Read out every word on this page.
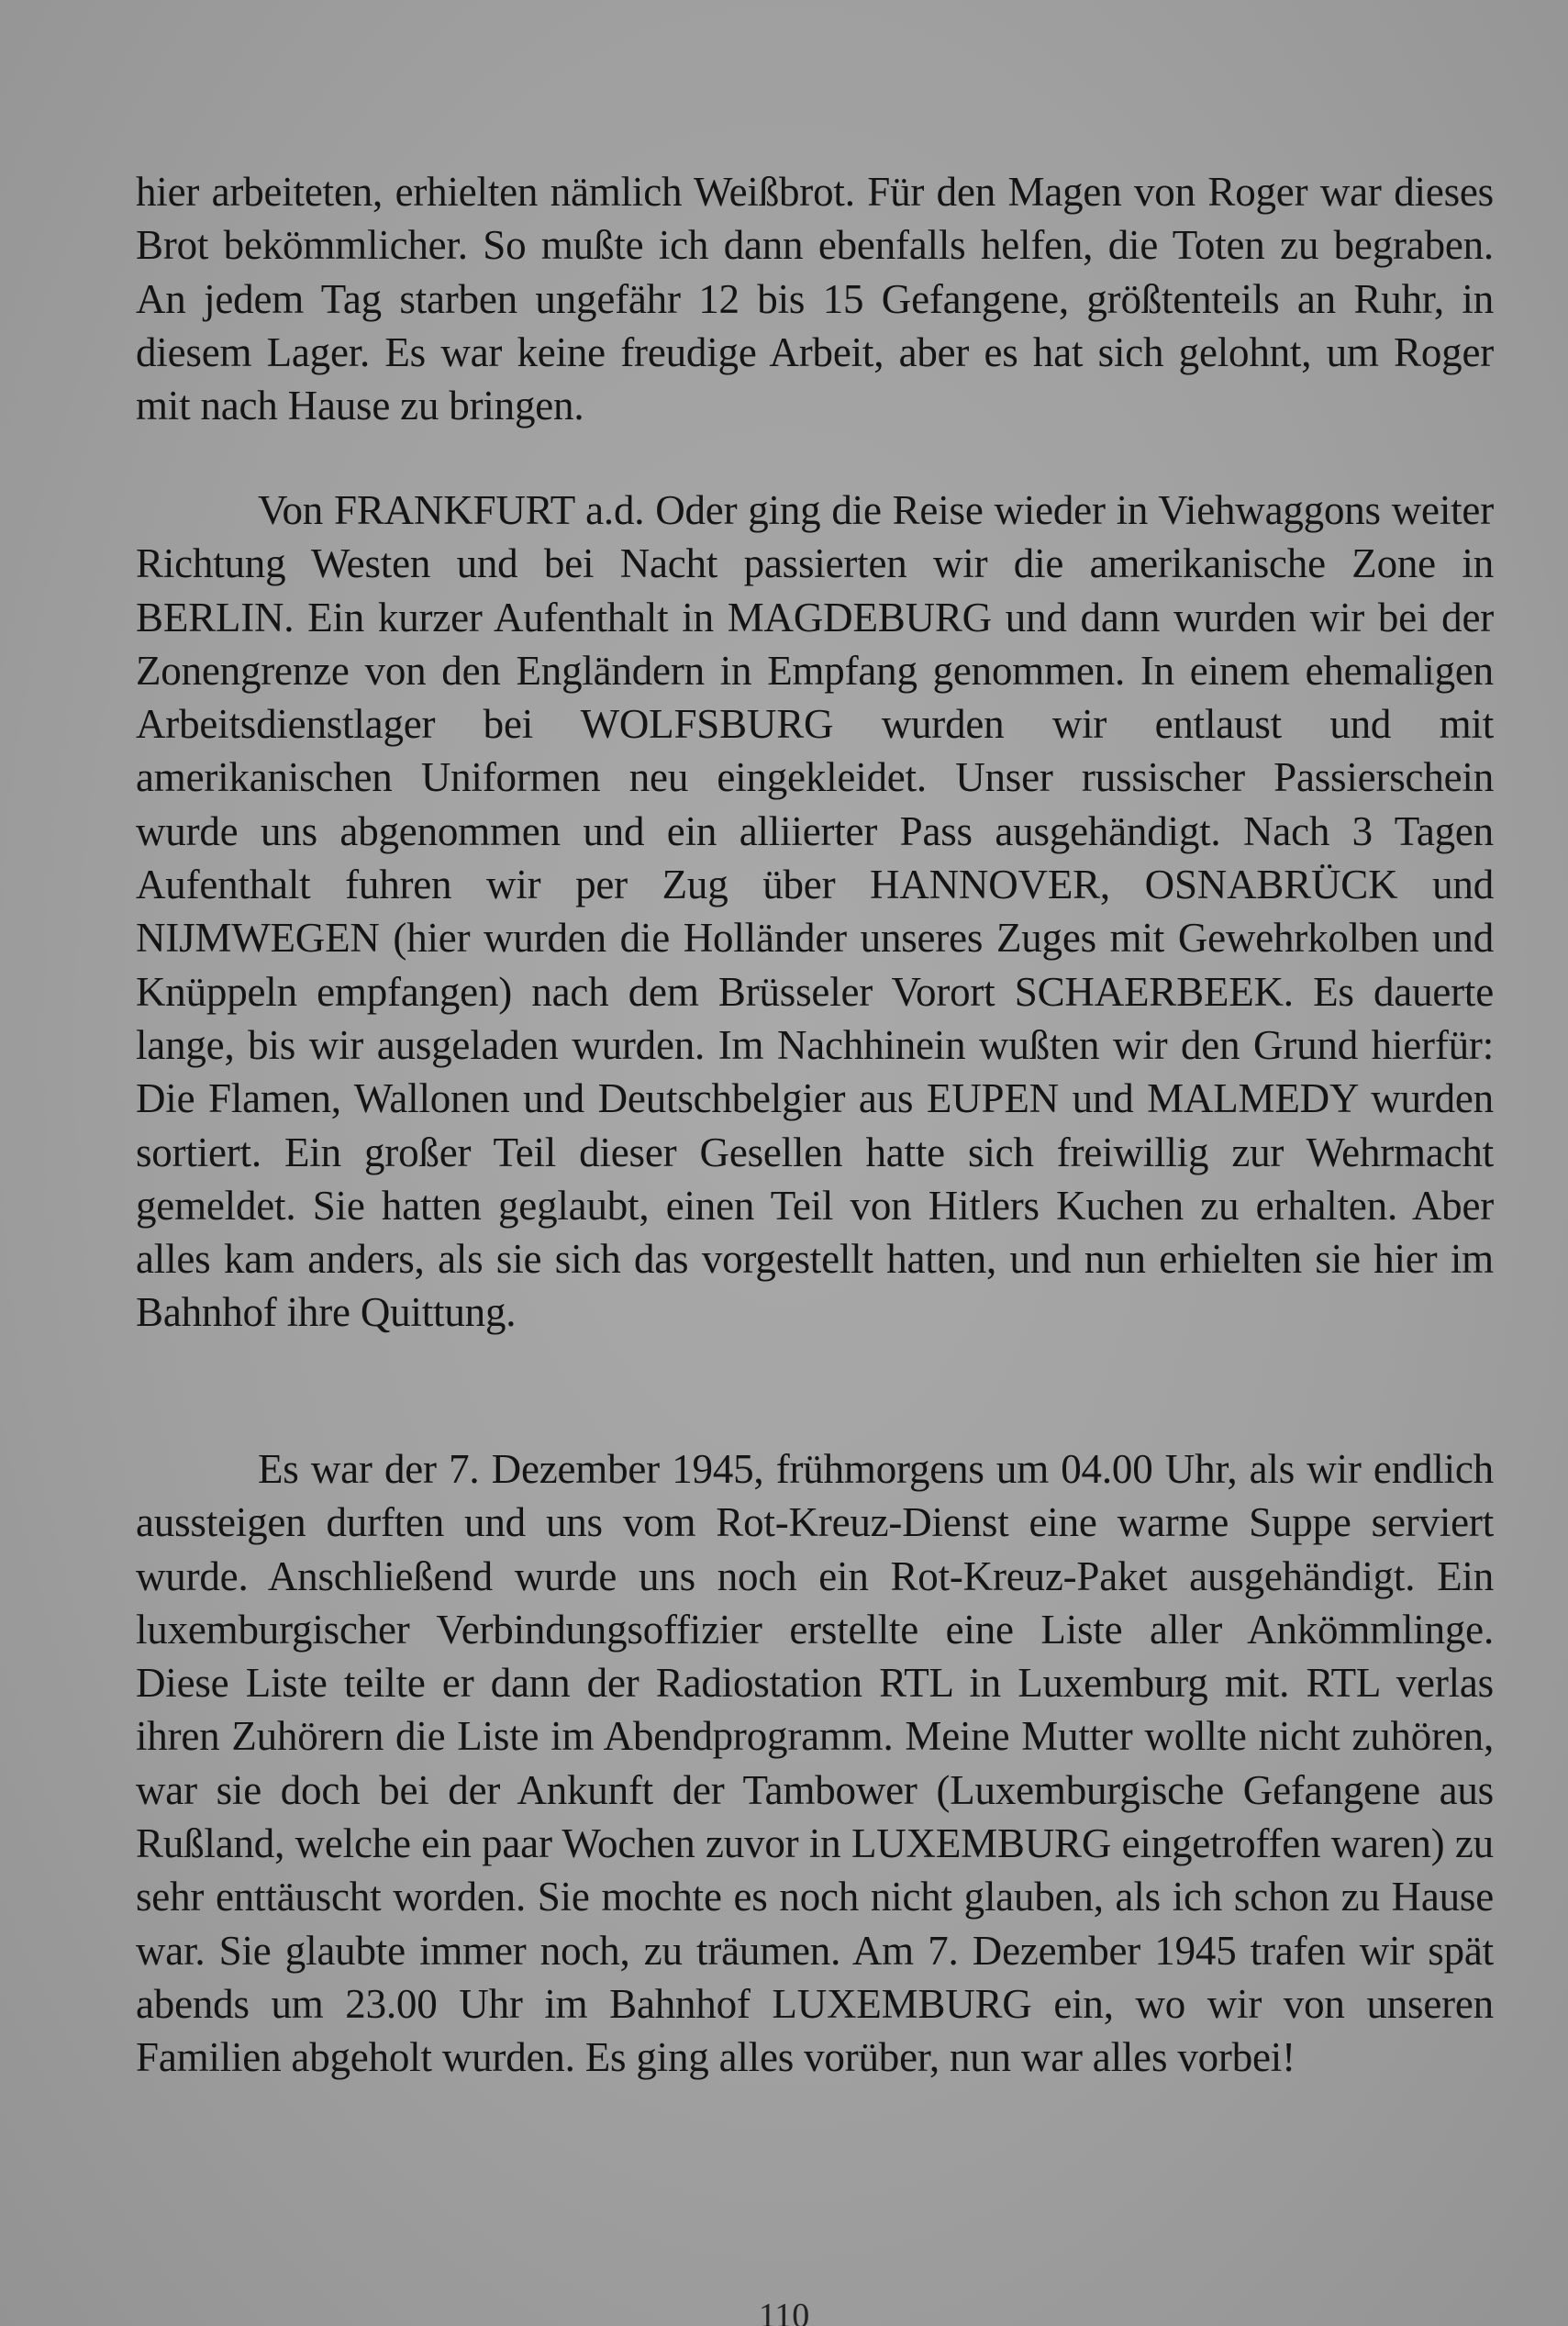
hier arbeiteten, erhielten nämlich Weißbrot. Für den Magen von Roger war dieses Brot bekömmlicher. So mußte ich dann ebenfalls helfen, die Toten zu begraben. An jedem Tag starben ungefähr 12 bis 15 Gefangene, größtenteils an Ruhr, in diesem Lager. Es war keine freudige Arbeit, aber es hat sich gelohnt, um Roger mit nach Hause zu bringen.

Von FRANKFURT a.d. Oder ging die Reise wieder in Viehwaggons weiter Richtung Westen und bei Nacht passierten wir die amerikanische Zone in BERLIN. Ein kurzer Aufenthalt in MAGDEBURG und dann wurden wir bei der Zonengrenze von den Engländern in Empfang genommen. In einem ehemaligen Arbeitsdienstlager bei WOLFSBURG wurden wir entlaust und mit amerikanischen Uniformen neu eingekleidet. Unser russischer Passierschein wurde uns abgenommen und ein alliierter Pass ausgehändigt. Nach 3 Tagen Aufenthalt fuhren wir per Zug über HANNOVER, OSNABRÜCK und NIJMWEGEN (hier wurden die Holländer unseres Zuges mit Gewehrkolben und Knüppeln empfangen) nach dem Brüsseler Vorort SCHAERBEEK. Es dauerte lange, bis wir ausgeladen wurden. Im Nachhinein wußten wir den Grund hierfür: Die Flamen, Wallonen und Deutschbelgier aus EUPEN und MALMEDY wurden sortiert. Ein großer Teil dieser Gesellen hatte sich freiwillig zur Wehrmacht gemeldet. Sie hatten geglaubt, einen Teil von Hitlers Kuchen zu erhalten. Aber alles kam anders, als sie sich das vorgestellt hatten, und nun erhielten sie hier im Bahnhof ihre Quittung.

Es war der 7. Dezember 1945, frühmorgens um 04.00 Uhr, als wir endlich aussteigen durften und uns vom Rot-Kreuz-Dienst eine warme Suppe serviert wurde. Anschließend wurde uns noch ein Rot-Kreuz-Paket ausgehändigt. Ein luxemburgischer Verbindungsoffizier erstellte eine Liste aller Ankömmlinge. Diese Liste teilte er dann der Radiostation RTL in Luxemburg mit. RTL verlas ihren Zuhörern die Liste im Abendprogramm. Meine Mutter wollte nicht zuhören, war sie doch bei der Ankunft der Tambower (Luxemburgische Gefangene aus Rußland, welche ein paar Wochen zuvor in LUXEMBURG eingetroffen waren) zu sehr enttäuscht worden. Sie mochte es noch nicht glauben, als ich schon zu Hause war. Sie glaubte immer noch, zu träumen. Am 7. Dezember 1945 trafen wir spät abends um 23.00 Uhr im Bahnhof LUXEMBURG ein, wo wir von unseren Familien abgeholt wurden. Es ging alles vorüber, nun war alles vorbei!

110
